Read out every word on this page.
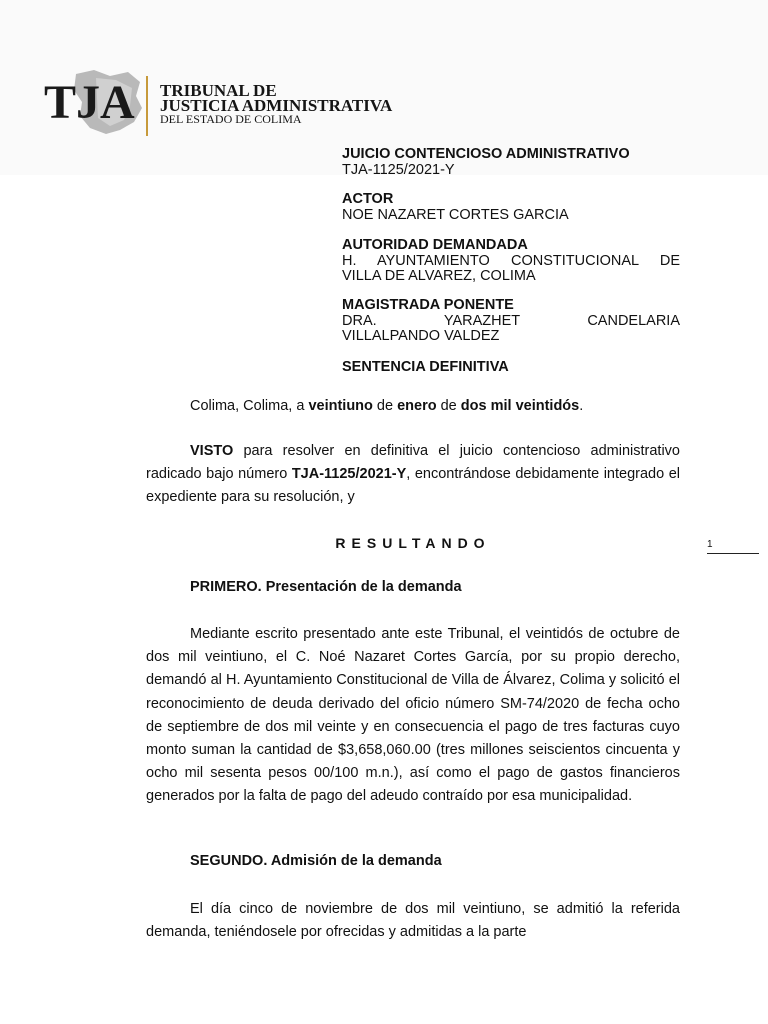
TJA TRIBUNAL DE
JUSTICIA ADMINISTRATIVA
DEL ESTADO DE COLIMA
JUICIO CONTENCIOSO ADMINISTRATIVO
TJA-1125/2021-Y
ACTOR
NOE NAZARET CORTES GARCIA
AUTORIDAD DEMANDADA
H. AYUNTAMIENTO CONSTITUCIONAL DE
VILLA DE ALVAREZ, COLIMA
MAGISTRADA PONENTE
DRA. YARAZHET CANDELARIA
VILLALPANDO VALDEZ
SENTENCIA DEFINITIVA
Colima, Colima, a veintiuno de enero de dos mil veintidós.
VISTO para resolver en definitiva el juicio contencioso administrativo radicado bajo número TJA-1125/2021-Y, encontrándose debidamente integrado el expediente para su resolución, y
RESULTANDO	1
PRIMERO. Presentación de la demanda
Mediante escrito presentado ante este Tribunal, el veintidós de octubre de dos mil veintiuno, el C. Noé Nazaret Cortes García, por su propio derecho, demandó al H. Ayuntamiento Constitucional de Villa de Álvarez, Colima y solicitó el reconocimiento de deuda derivado del oficio número SM-74/2020 de fecha ocho de septiembre de dos mil veinte y en consecuencia el pago de tres facturas cuyo monto suman la cantidad de $3,658,060.00 (tres millones seiscientos cincuenta y ocho mil sesenta pesos 00/100 m.n.), así como el pago de gastos financieros generados por la falta de pago del adeudo contraído por esa municipalidad.
SEGUNDO. Admisión de la demanda
El día cinco de noviembre de dos mil veintiuno, se admitió la referida demanda, teniéndosele por ofrecidas y admitidas a la parte
